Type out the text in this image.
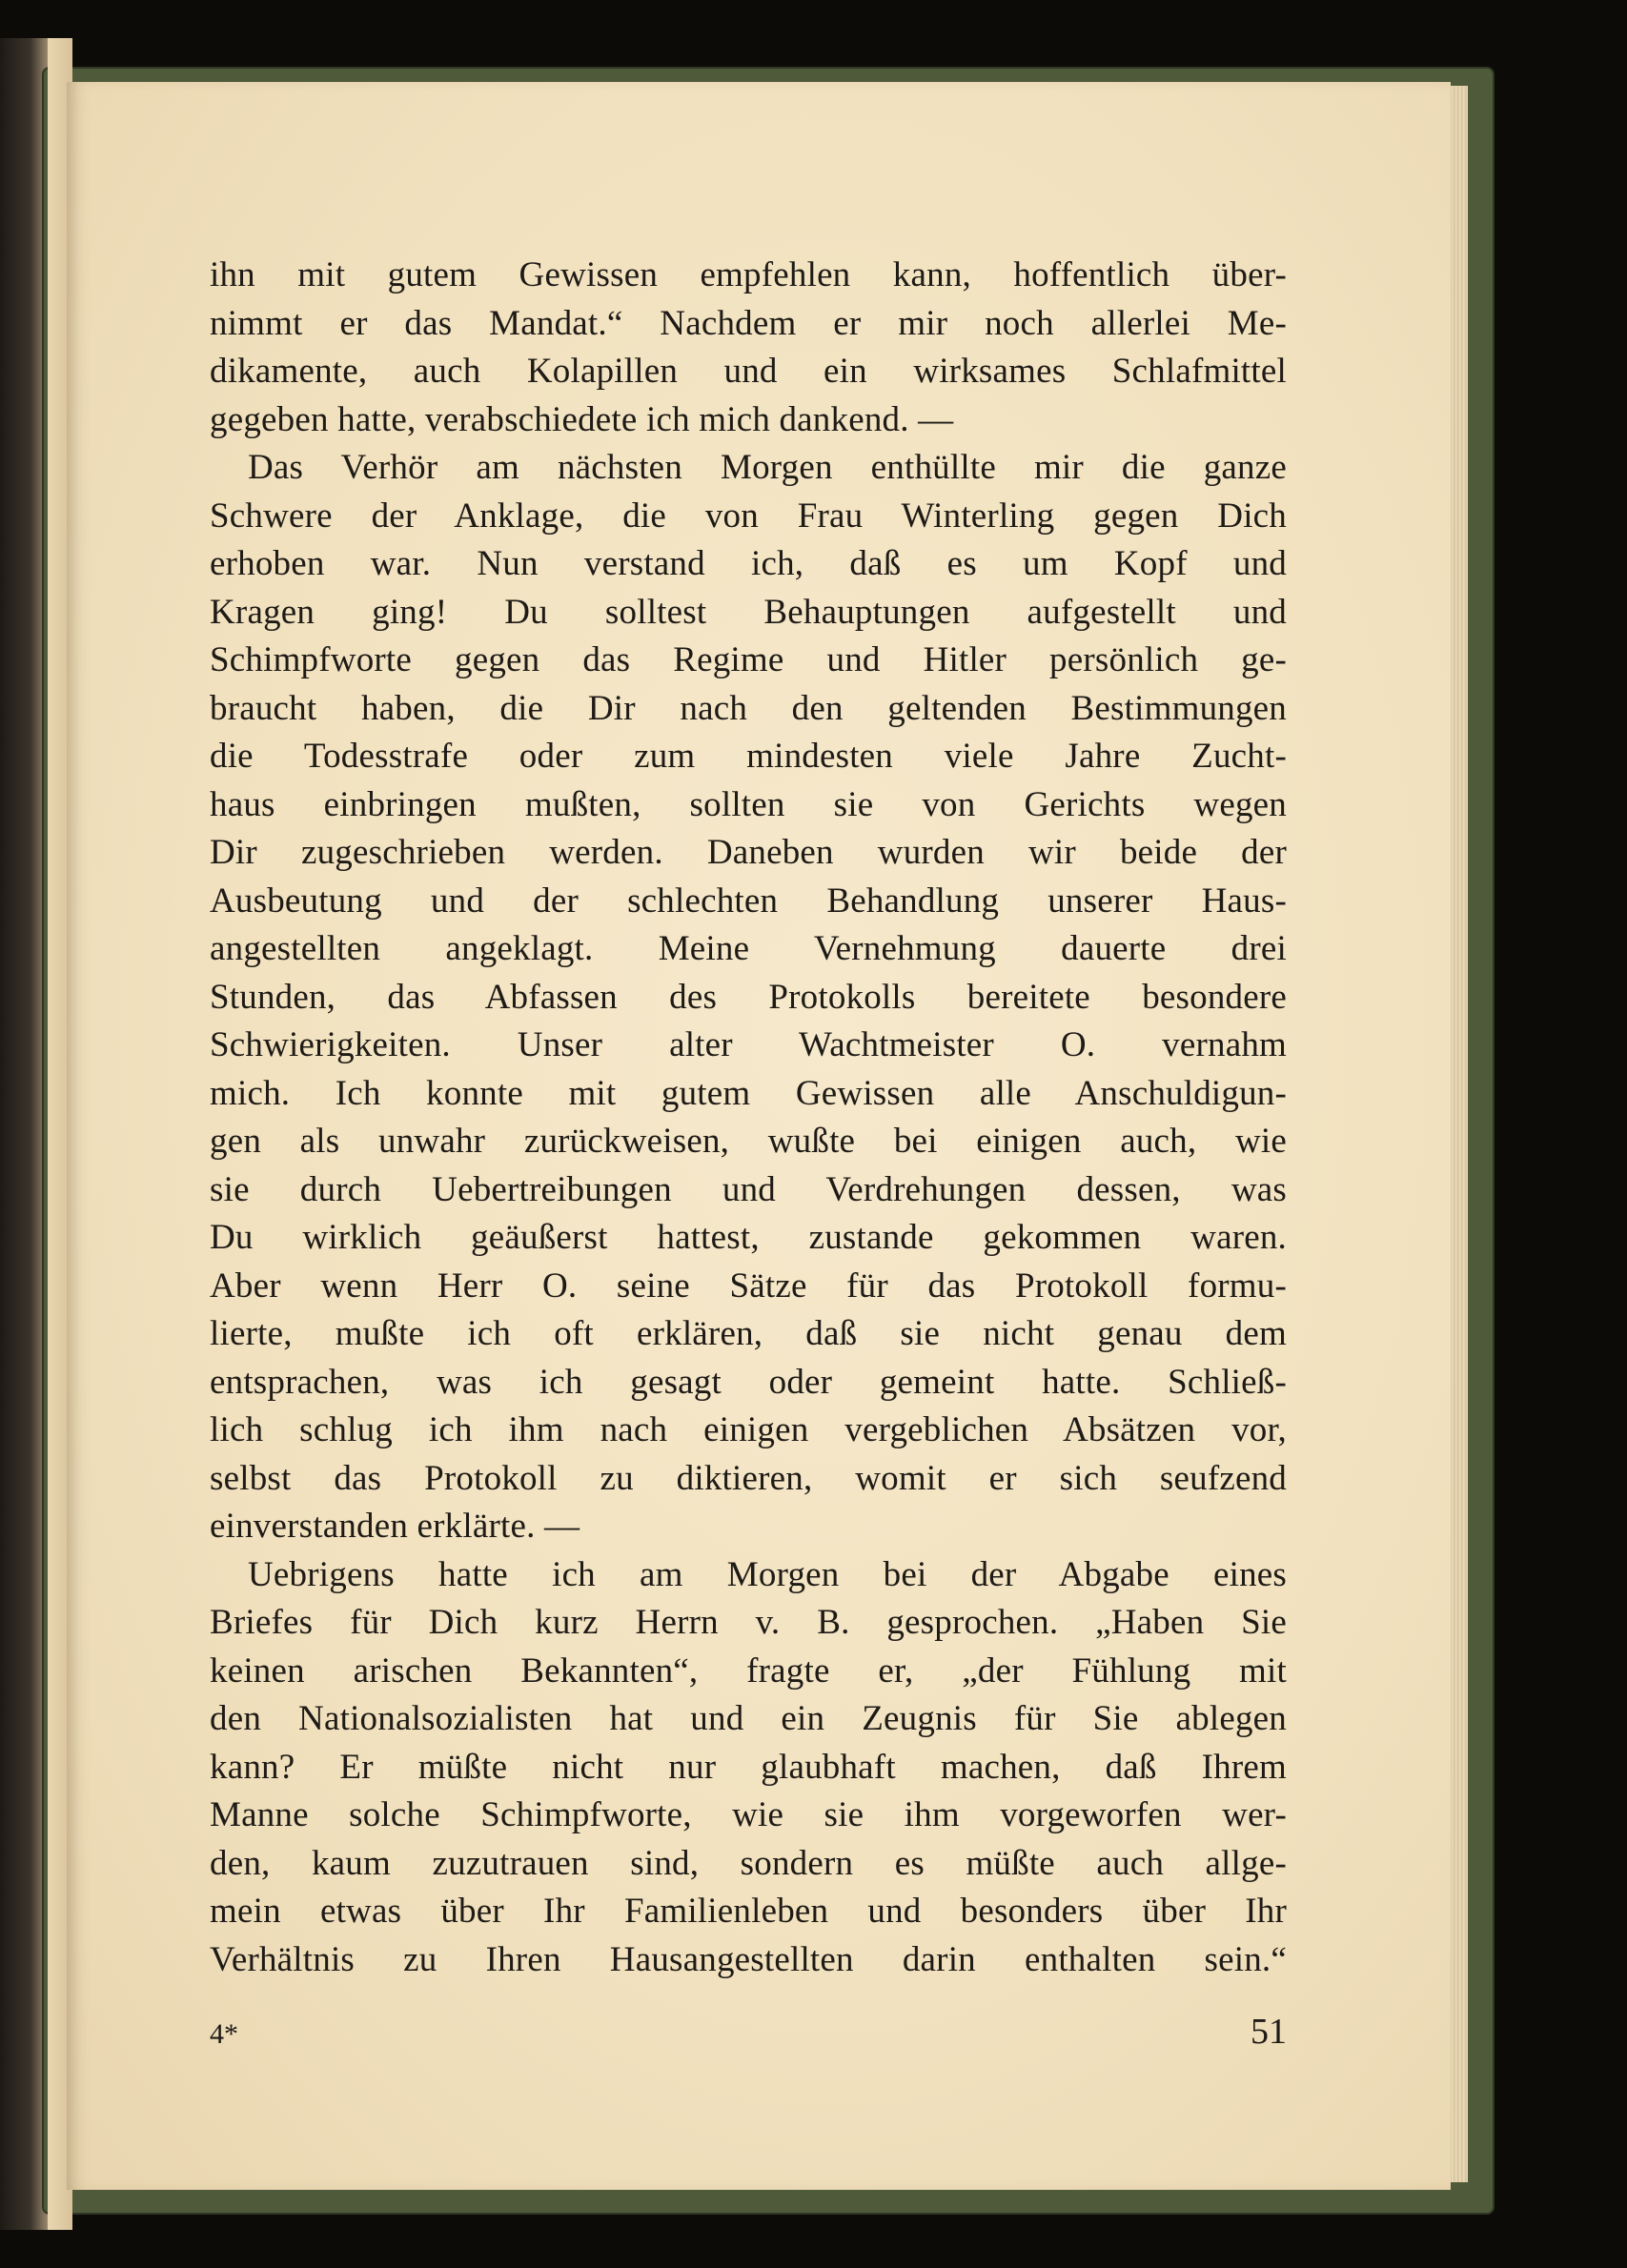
ihn mit gutem Gewissen empfehlen kann, hoffentlich über-
nimmt er das Mandat.“ Nachdem er mir noch allerlei Me-
dikamente, auch Kolapillen und ein wirksames Schlafmittel
gegeben hatte, verabschiedete ich mich dankend. —
Das Verhör am nächsten Morgen enthüllte mir die ganze
Schwere der Anklage, die von Frau Winterling gegen Dich
erhoben war. Nun verstand ich, daß es um Kopf und
Kragen ging! Du solltest Behauptungen aufgestellt und
Schimpfworte gegen das Regime und Hitler persönlich ge-
braucht haben, die Dir nach den geltenden Bestimmungen
die Todesstrafe oder zum mindesten viele Jahre Zucht-
haus einbringen mußten, sollten sie von Gerichts wegen
Dir zugeschrieben werden. Daneben wurden wir beide der
Ausbeutung und der schlechten Behandlung unserer Haus-
angestellten angeklagt. Meine Vernehmung dauerte drei
Stunden, das Abfassen des Protokolls bereitete besondere
Schwierigkeiten. Unser alter Wachtmeister O. vernahm
mich. Ich konnte mit gutem Gewissen alle Anschuldigun-
gen als unwahr zurückweisen, wußte bei einigen auch, wie
sie durch Uebertreibungen und Verdrehungen dessen, was
Du wirklich geäußerst hattest, zustande gekommen waren.
Aber wenn Herr O. seine Sätze für das Protokoll formu-
lierte, mußte ich oft erklären, daß sie nicht genau dem
entsprachen, was ich gesagt oder gemeint hatte. Schließ-
lich schlug ich ihm nach einigen vergeblichen Absätzen vor,
selbst das Protokoll zu diktieren, womit er sich seufzend
einverstanden erklärte. —
Uebrigens hatte ich am Morgen bei der Abgabe eines
Briefes für Dich kurz Herrn v. B. gesprochen. „Haben Sie
keinen arischen Bekannten“, fragte er, „der Fühlung mit
den Nationalsozialisten hat und ein Zeugnis für Sie ablegen
kann? Er müßte nicht nur glaubhaft machen, daß Ihrem
Manne solche Schimpfworte, wie sie ihm vorgeworfen wer-
den, kaum zuzutrauen sind, sondern es müßte auch allge-
mein etwas über Ihr Familienleben und besonders über Ihr
Verhältnis zu Ihren Hausangestellten darin enthalten sein.“
4*	51
